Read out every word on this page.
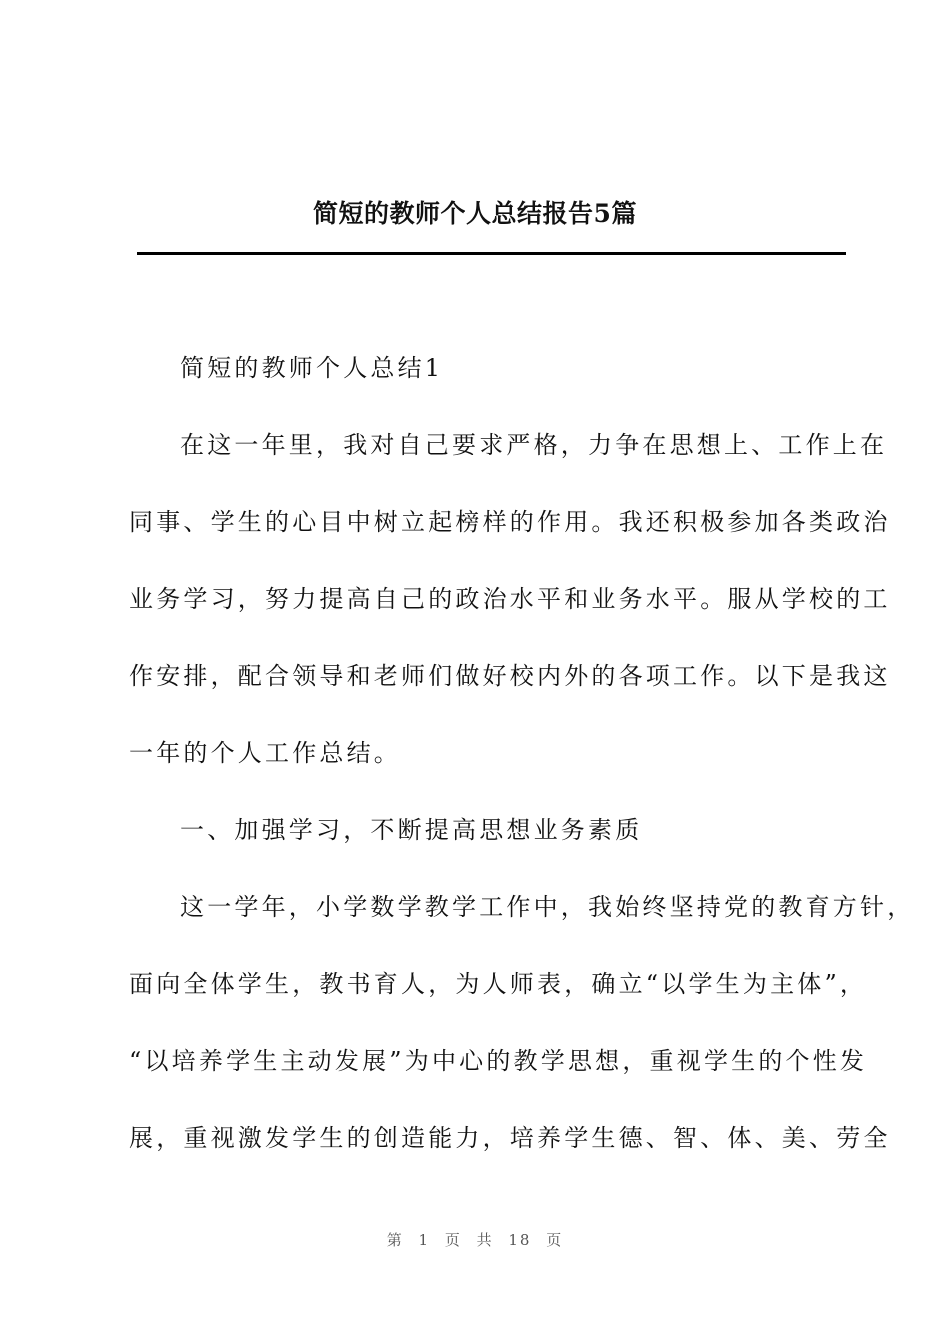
简短的教师个人总结报告5篇
简短的教师个人总结1
在这一年里，我对自己要求严格，力争在思想上、工作上在
同事、学生的心目中树立起榜样的作用。我还积极参加各类政治
业务学习，努力提高自己的政治水平和业务水平。服从学校的工
作安排，配合领导和老师们做好校内外的各项工作。以下是我这
一年的个人工作总结。
一、加强学习，不断提高思想业务素质
这一学年，小学数学教学工作中，我始终坚持党的教育方针，
面向全体学生，教书育人，为人师表，确立“以学生为主体”，
“以培养学生主动发展”为中心的教学思想，重视学生的个性发
展，重视激发学生的创造能力，培养学生德、智、体、美、劳全
第 1 页 共 18 页
